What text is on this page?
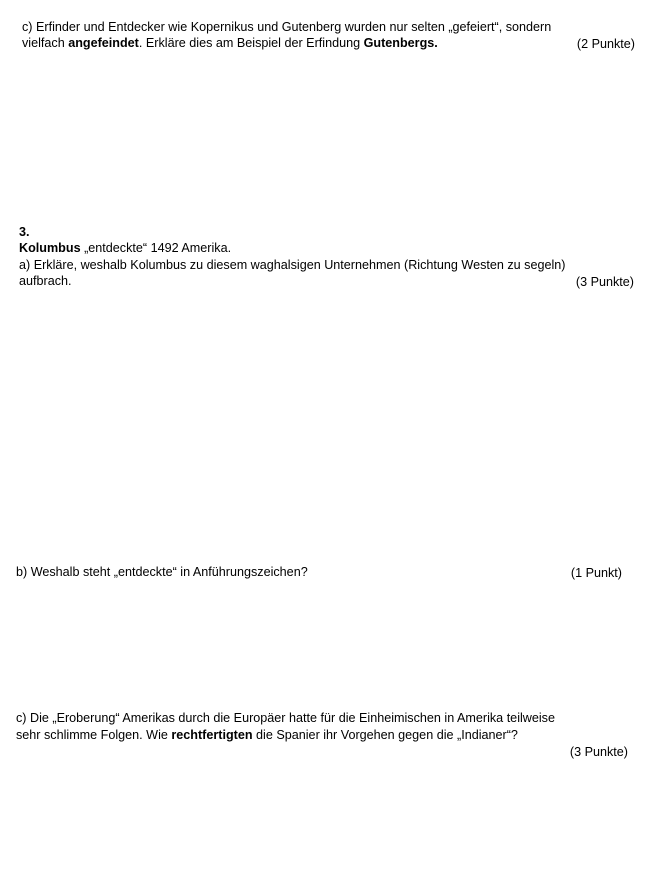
c) Erfinder und Entdecker wie Kopernikus und Gutenberg wurden nur selten „gefeiert“, sondern
vielfach angefeindet. Erkläre dies am Beispiel der Erfindung Gutenbergs.	(2 Punkte)
3.
Kolumbus „entdeckte“ 1492 Amerika.
a) Erkläre, weshalb Kolumbus zu diesem waghalsigen Unternehmen (Richtung Westen zu segeln)
aufbrach.	(3 Punkte)
b) Weshalb steht „entdeckte“ in Anführungszeichen?	(1 Punkt)
c) Die „Eroberung“ Amerikas durch die Europäer hatte für die Einheimischen in Amerika teilweise
sehr schlimme Folgen. Wie rechtfertigten die Spanier ihr Vorgehen gegen die „Indianer“?
(3 Punkte)
